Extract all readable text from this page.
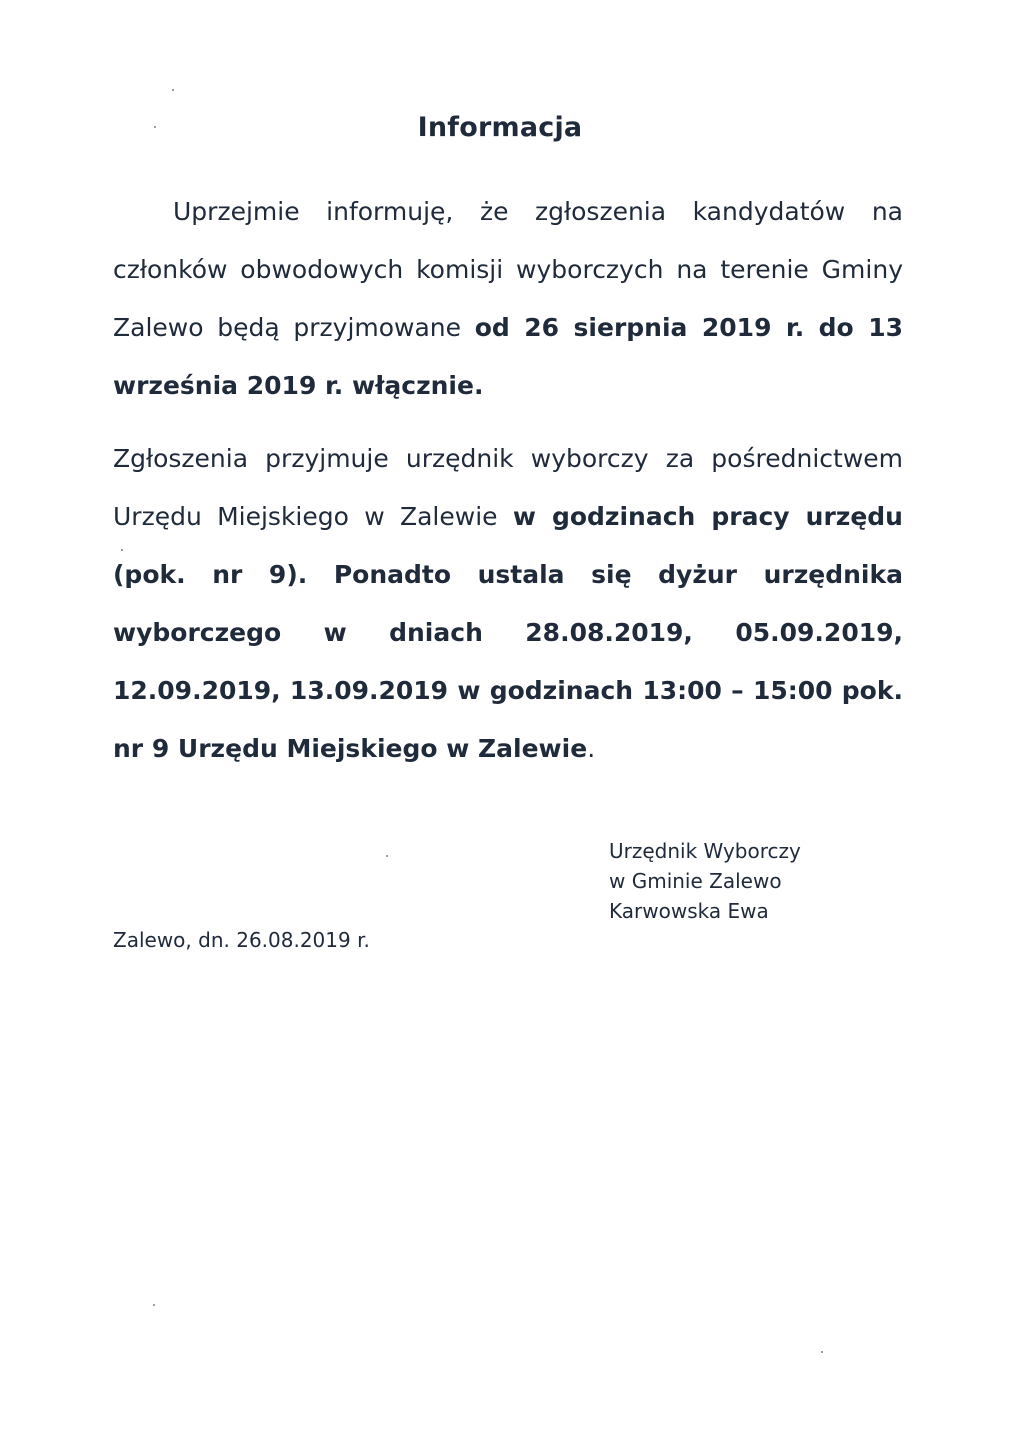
Informacja
Uprzejmie informuję, że zgłoszenia kandydatów na członków obwodowych komisji wyborczych na terenie Gminy Zalewo będą przyjmowane od 26 sierpnia 2019 r. do 13 września 2019 r. włącznie.
Zgłoszenia przyjmuje urzędnik wyborczy za pośrednictwem Urzędu Miejskiego w Zalewie w godzinach pracy urzędu (pok. nr 9). Ponadto ustala się dyżur urzędnika wyborczego w dniach 28.08.2019, 05.09.2019, 12.09.2019, 13.09.2019 w godzinach 13:00 – 15:00 pok. nr 9 Urzędu Miejskiego w Zalewie.
Urzędnik Wyborczy
w Gminie Zalewo
Karwowska Ewa
Zalewo, dn. 26.08.2019 r.
